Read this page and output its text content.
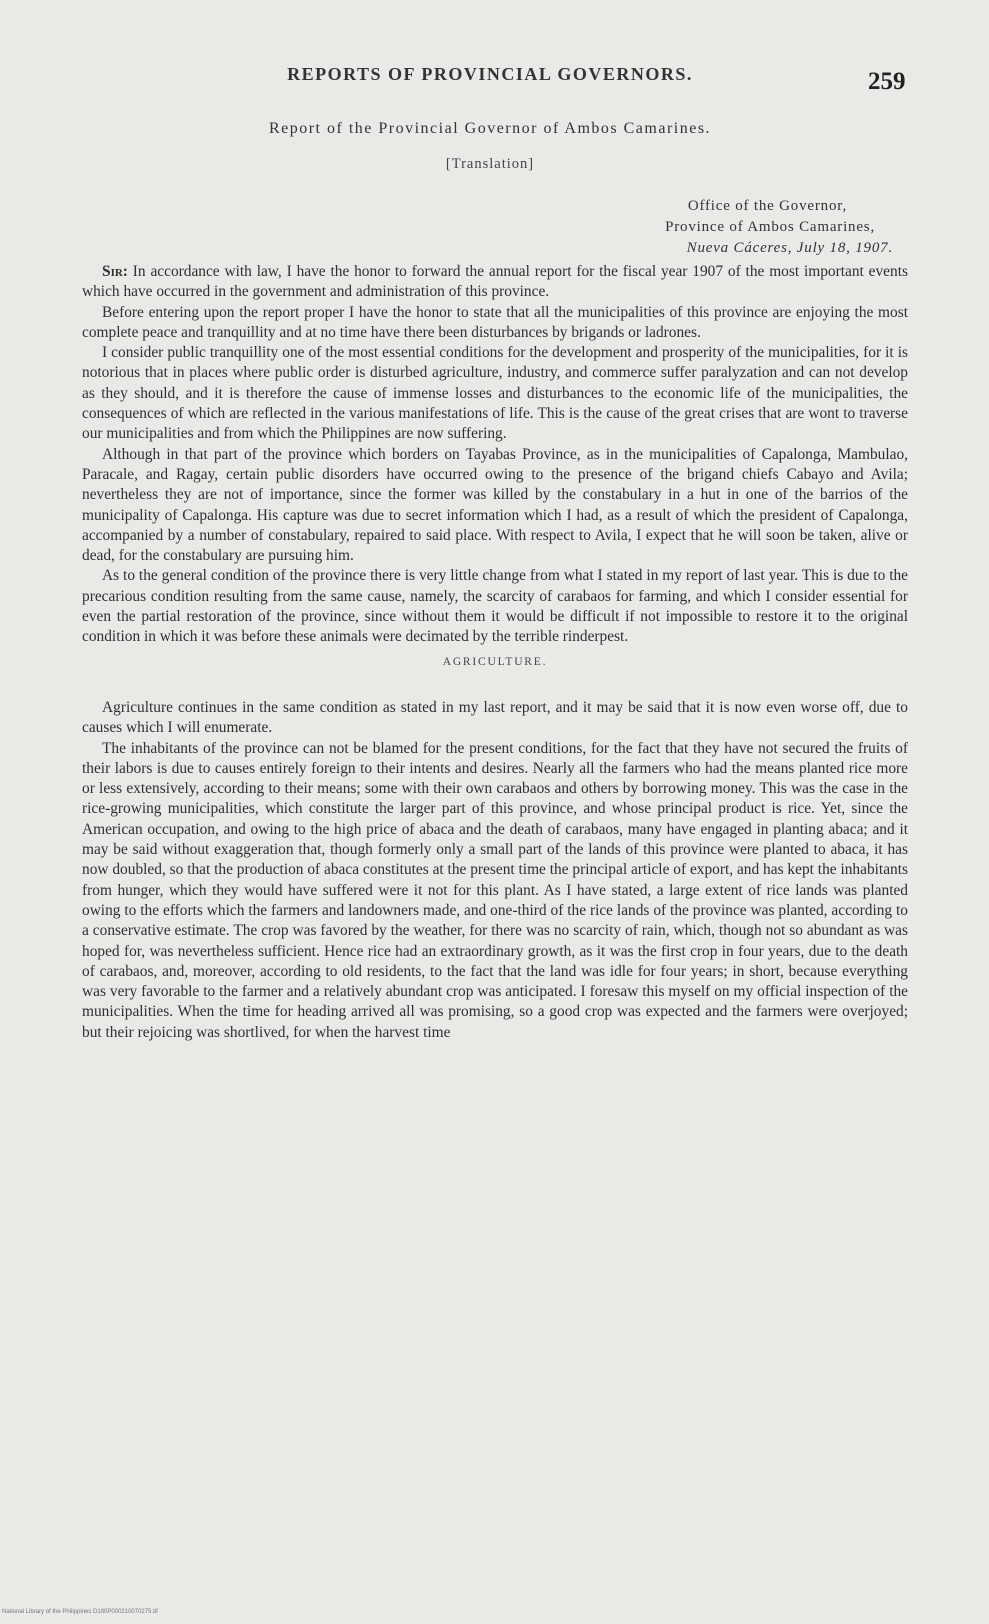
REPORTS OF PROVINCIAL GOVERNORS.	259
Report of the Provincial Governor of Ambos Camarines.
[Translation]
Office of the Governor,
Province of Ambos Camarines,
Nueva Cáceres, July 18, 1907.

Sir: In accordance with law, I have the honor to forward the annual report for the fiscal year 1907 of the most important events which have occurred in the government and administration of this province.

Before entering upon the report proper I have the honor to state that all the municipalities of this province are enjoying the most complete peace and tranquillity and at no time have there been disturbances by brigands or ladrones.

I consider public tranquillity one of the most essential conditions for the development and prosperity of the municipalities, for it is notorious that in places where public order is disturbed agriculture, industry, and commerce suffer paralyzation and can not develop as they should, and it is therefore the cause of immense losses and disturbances to the economic life of the municipalities, the consequences of which are reflected in the various manifestations of life. This is the cause of the great crises that are wont to traverse our municipalities and from which the Philippines are now suffering.

Although in that part of the province which borders on Tayabas Province, as in the municipalities of Capalonga, Mambulao, Paracale, and Ragay, certain public disorders have occurred owing to the presence of the brigand chiefs Cabayo and Avila; nevertheless they are not of importance, since the former was killed by the constabulary in a hut in one of the barrios of the municipality of Capalonga. His capture was due to secret information which I had, as a result of which the president of Capalonga, accompanied by a number of constabulary, repaired to said place. With respect to Avila, I expect that he will soon be taken, alive or dead, for the constabulary are pursuing him.

As to the general condition of the province there is very little change from what I stated in my report of last year. This is due to the precarious condition resulting from the same cause, namely, the scarcity of carabaos for farming, and which I consider essential for even the partial restoration of the province, since without them it would be difficult if not impossible to restore it to the original condition in which it was before these animals were decimated by the terrible rinderpest.

AGRICULTURE.

Agriculture continues in the same condition as stated in my last report, and it may be said that it is now even worse off, due to causes which I will enumerate.

The inhabitants of the province can not be blamed for the present conditions, for the fact that they have not secured the fruits of their labors is due to causes entirely foreign to their intents and desires. Nearly all the farmers who had the means planted rice more or less extensively, according to their means; some with their own carabaos and others by borrowing money. This was the case in the rice-growing municipalities, which constitute the larger part of this province, and whose principal product is rice. Yet, since the American occupation, and owing to the high price of abaca and the death of carabaos, many have engaged in planting abaca; and it may be said without exaggeration that, though formerly only a small part of the lands of this province were planted to abaca, it has now doubled, so that the production of abaca constitutes at the present time the principal article of export, and has kept the inhabitants from hunger, which they would have suffered were it not for this plant. As I have stated, a large extent of rice lands was planted owing to the efforts which the farmers and landowners made, and one-third of the rice lands of the province was planted, according to a conservative estimate. The crop was favored by the weather, for there was no scarcity of rain, which, though not so abundant as was hoped for, was nevertheless sufficient. Hence rice had an extraordinary growth, as it was the first crop in four years, due to the death of carabaos, and, moreover, according to old residents, to the fact that the land was idle for four years; in short, because everything was very favorable to the farmer and a relatively abundant crop was anticipated. I foresaw this myself on my official inspection of the municipalities. When the time for heading arrived all was promising, so a good crop was expected and the farmers were overjoyed; but their rejoicing was shortlived, for when the harvest time

National Library of the Philippines D180P000210070275.tif
